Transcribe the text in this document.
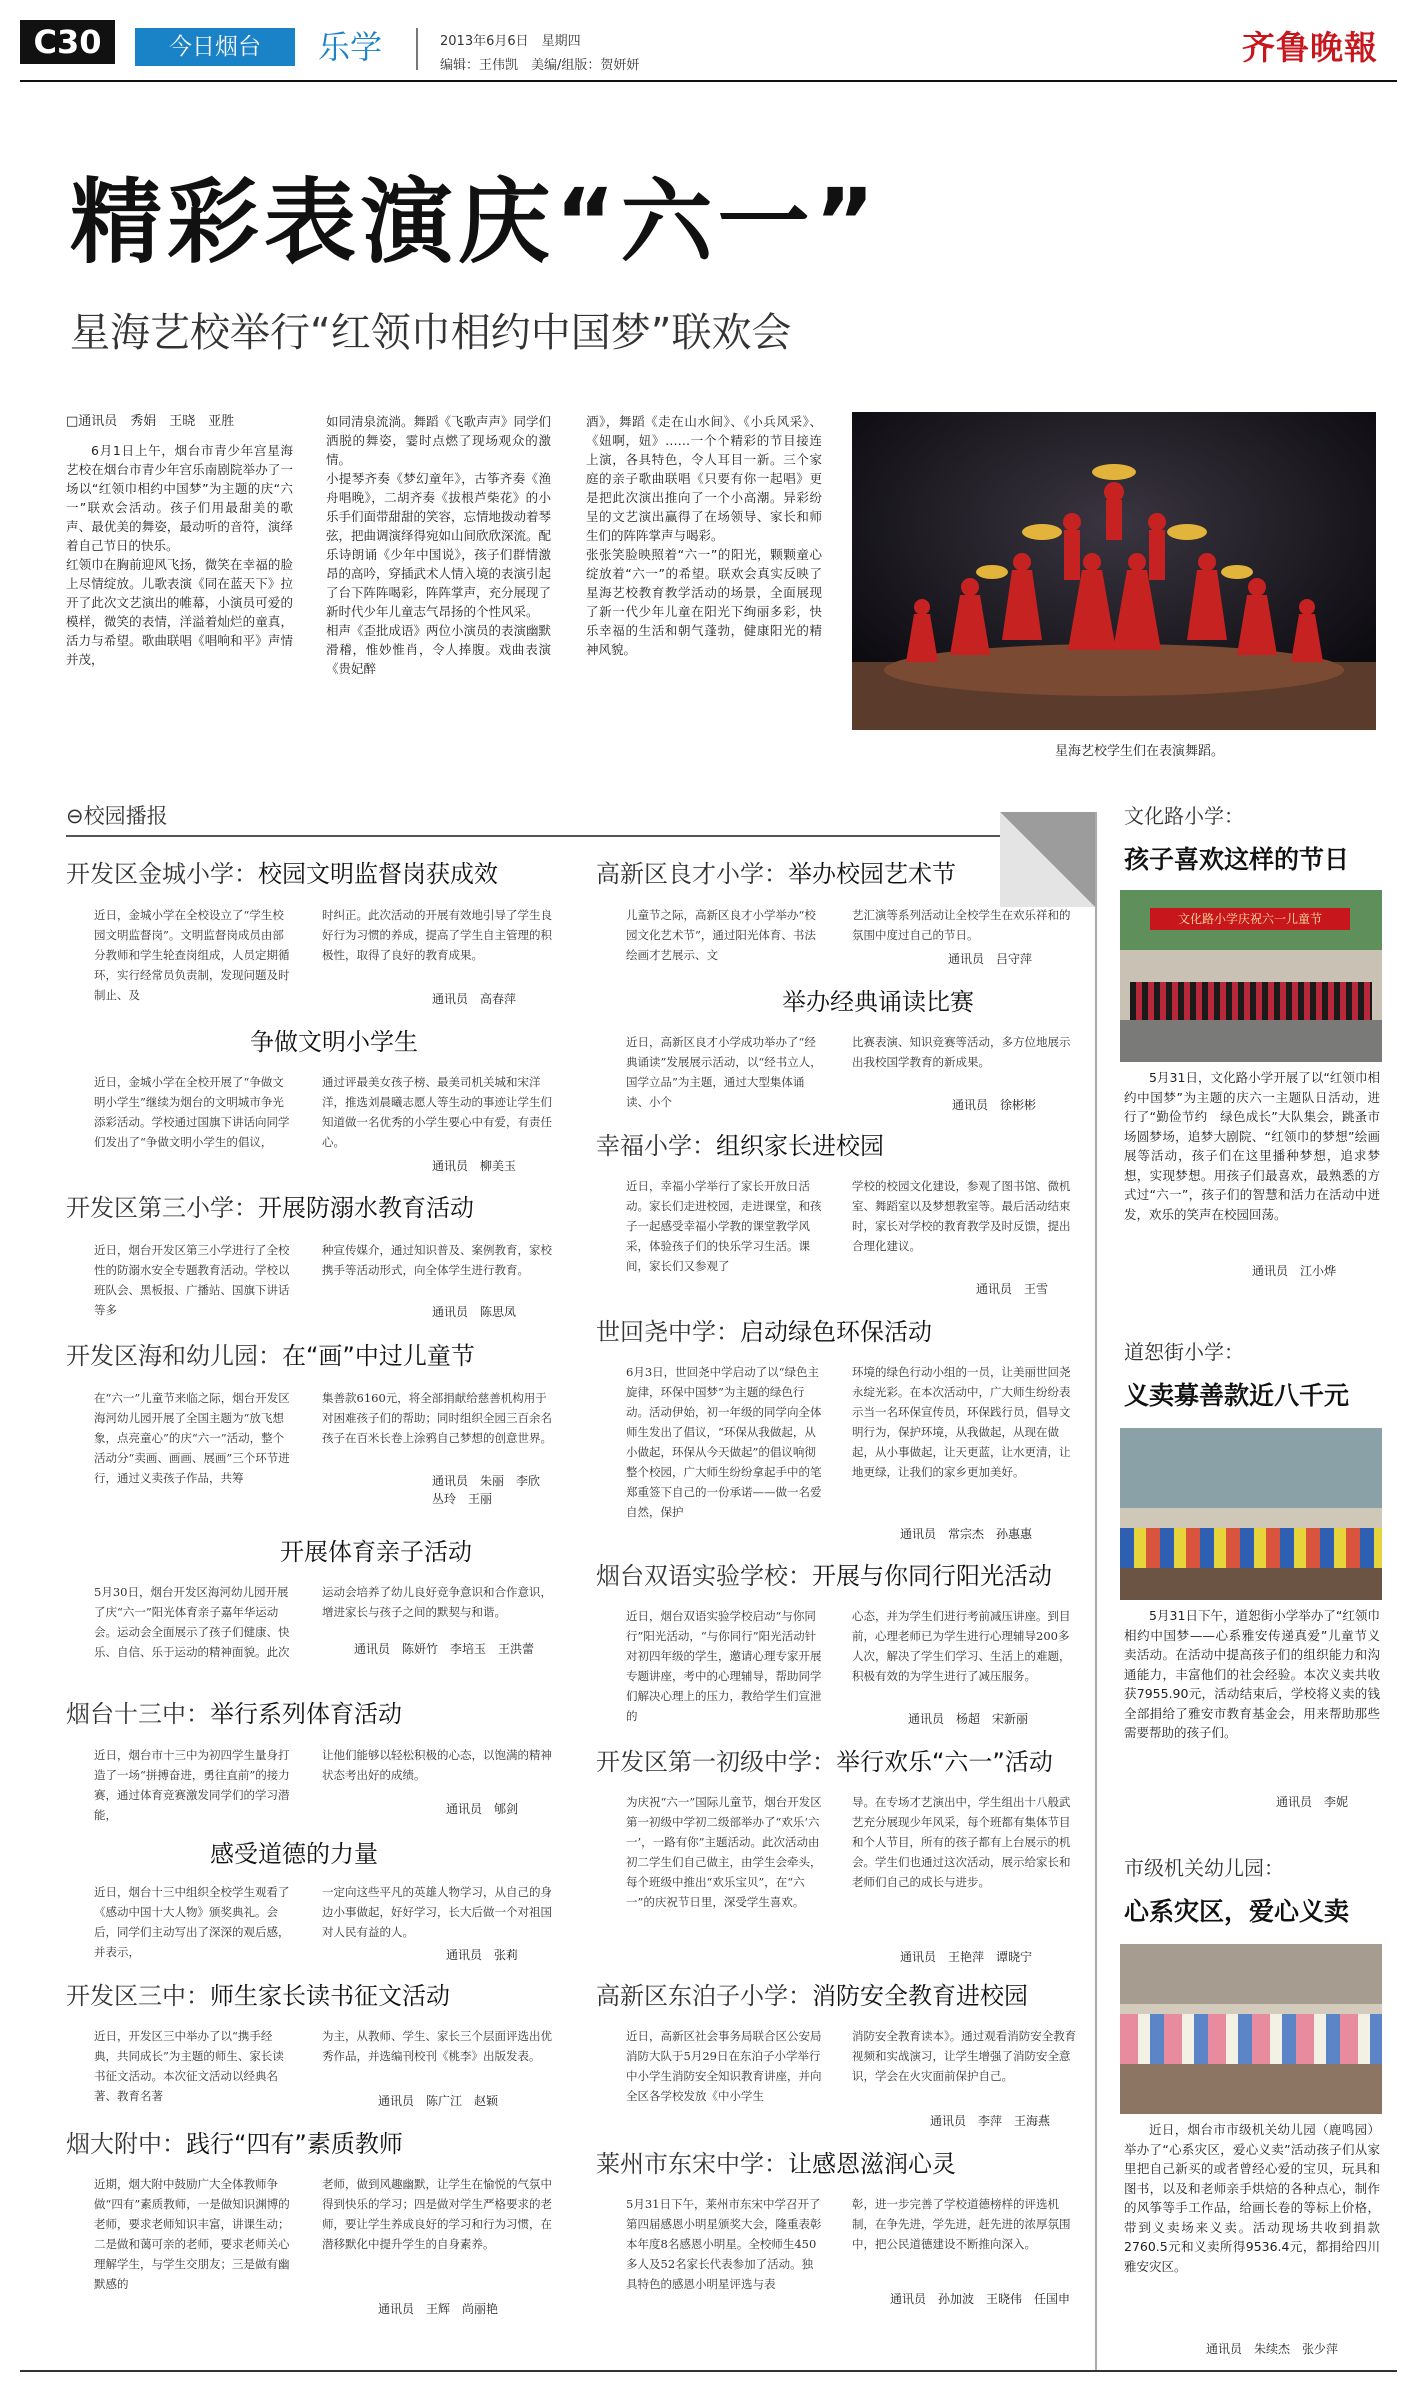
C30	今日烟台	乐学	2013年6月6日　星期四
编辑：王伟凯　美编/组版：贺妍妍	齐鲁晚報
精彩表演庆“六一”
星海艺校举行“红领巾相约中国梦”联欢会
□通讯员　秀娟　王晓　亚胜
6月1日上午，烟台市青少年宫星海艺校在烟台市青少年宫乐南剧院举办了一场以“红领巾相约中国梦”为主题的庆“六一”联欢会活动。孩子们用最甜美的歌声、最优美的舞姿，最动听的音符，演绎着自己节日的快乐。
红领巾在胸前迎风飞扬，微笑在幸福的脸上尽情绽放。儿歌表演《同在蓝天下》拉开了此次文艺演出的帷幕，小演员可爱的模样，微笑的表情，洋溢着灿烂的童真，活力与希望。歌曲联唱《唱响和平》声情并茂，
如同清泉流淌。舞蹈《飞歌声声》同学们洒脱的舞姿，霎时点燃了现场观众的激情。
小提琴齐奏《梦幻童年》，古筝齐奏《渔舟唱晚》，二胡齐奏《拔根芦柴花》的小乐手们面带甜甜的笑容，忘情地拨动着琴弦，把曲调演绎得宛如山间欣欣深流。配乐诗朗诵《少年中国说》，孩子们群情激昂的高吟，穿插武术人情入境的表演引起了台下阵阵喝彩，阵阵掌声，充分展现了新时代少年儿童志气昂扬的个性风采。
相声《歪批成语》两位小演员的表演幽默滑稽，惟妙惟肖，令人捧腹。戏曲表演《贵妃醉
酒》，舞蹈《走在山水间》、《小兵风采》、《妞啊，妞》……一个个精彩的节目接连上演，各具特色，令人耳目一新。三个家庭的亲子歌曲联唱《只要有你一起唱》更是把此次演出推向了一个小高潮。异彩纷呈的文艺演出赢得了在场领导、家长和师生们的阵阵掌声与喝彩。
张张笑脸映照着“六一”的阳光，颗颗童心绽放着“六一”的希望。联欢会真实反映了星海艺校教育教学活动的场景，全面展现了新一代少年儿童在阳光下绚丽多彩，快乐幸福的生活和朝气蓬勃，健康阳光的精神风貌。
星海艺校学生们在表演舞蹈。
⊖校园播报
开发区金城小学：校园文明监督岗获成效
近日，金城小学在全校设立了“学生校园文明监督岗”。文明监督岗成员由部分教师和学生轮查岗组成，人员定期循环，实行经常员负责制，发现问题及时制止、及
时纠正。此次活动的开展有效地引导了学生良好行为习惯的养成，提高了学生自主管理的积极性，取得了良好的教育成果。
通讯员　高春萍
争做文明小学生
近日，金城小学在全校开展了“争做文明小学生”继续为烟台的文明城市争光添彩活动。学校通过国旗下讲话向同学们发出了“争做文明小学生的倡议，
通过评最美女孩子榜、最美司机关城和宋洋洋，推选刘晨曦志愿人等生动的事迹让学生们知道做一名优秀的小学生要心中有爱，有责任心。
通讯员　柳美玉
开发区第三小学：开展防溺水教育活动
近日，烟台开发区第三小学进行了全校性的防溺水安全专题教育活动。学校以班队会、黑板报、广播站、国旗下讲话等多
种宣传媒介，通过知识普及、案例教育，家校携手等活动形式，向全体学生进行教育。
通讯员　陈思凤
开发区海和幼儿园：在“画”中过儿童节
在“六一”儿童节来临之际，烟台开发区海河幼儿园开展了全国主题为“放飞想象，点亮童心”的庆“六一”活动，整个活动分“卖画、画画、展画”三个环节进行，通过义卖孩子作品，共筹
集善款6160元，将全部捐献给慈善机构用于对困难孩子们的帮助；同时组织全园三百余名孩子在百米长卷上涂鸦自己梦想的创意世界。
通讯员　朱丽　李欣　丛玲　王丽
开展体育亲子活动
5月30日，烟台开发区海河幼儿园开展了庆“六一”阳光体育亲子嘉年华运动会。运动会全面展示了孩子们健康、快乐、自信、乐于运动的精神面貌。此次
运动会培养了幼儿良好竞争意识和合作意识，增进家长与孩子之间的默契与和谐。
通讯员　陈妍竹　李培玉　王洪蕾
烟台十三中：举行系列体育活动
近日，烟台市十三中为初四学生量身打造了一场“拼搏奋进，勇往直前”的接力赛，通过体育竞赛激发同学们的学习潜能，
让他们能够以轻松积极的心态，以饱满的精神状态考出好的成绩。
通讯员　郇剑
感受道德的力量
近日，烟台十三中组织全校学生观看了《感动中国十大人物》颁奖典礼。会后，同学们主动写出了深深的观后感，并表示，
一定向这些平凡的英雄人物学习，从自己的身边小事做起，好好学习，长大后做一个对祖国对人民有益的人。
通讯员　张莉
开发区三中：师生家长读书征文活动
近日，开发区三中举办了以“携手经典，共同成长”为主题的师生、家长读书征文活动。本次征文活动以经典名著、教育名著
为主，从教师、学生、家长三个层面评选出优秀作品，并选编刊校刊《桃李》出版发表。
通讯员　陈广江　赵颖
烟大附中：践行“四有”素质教师
近期，烟大附中鼓励广大全体教师争做“四有”素质教师，一是做知识渊博的老师，要求老师知识丰富，讲课生动；二是做和蔼可亲的老师，要求老师关心理解学生，与学生交朋友；三是做有幽默感的
老师，做到风趣幽默，让学生在愉悦的气氛中得到快乐的学习；四是做对学生严格要求的老师，要让学生养成良好的学习和行为习惯，在潜移默化中提升学生的自身素养。
通讯员　王辉　尚丽艳
高新区良才小学：举办校园艺术节
儿童节之际，高新区良才小学举办“校园文化艺术节”，通过阳光体育、书法绘画才艺展示、文
艺汇演等系列活动让全校学生在欢乐祥和的氛围中度过自己的节日。
通讯员　吕守萍
举办经典诵读比赛
近日，高新区良才小学成功举办了“经典诵读”发展展示活动，以“经书立人，国学立品”为主题，通过大型集体诵读、小个
比赛表演、知识竞赛等活动，多方位地展示出我校国学教育的新成果。
通讯员　徐彬彬
幸福小学：组织家长进校园
近日，幸福小学举行了家长开放日活动。家长们走进校园，走进课堂，和孩子一起感受幸福小学教的课堂教学风采，体验孩子们的快乐学习生活。课间，家长们又参观了
学校的校园文化建设，参观了图书馆、微机室、舞蹈室以及梦想教室等。最后活动结束时，家长对学校的教育教学及时反馈，提出合理化建议。
通讯员　王雪
世回尧中学：启动绿色环保活动
6月3日，世回尧中学启动了以“绿色主旋律，环保中国梦”为主题的绿色行动。活动伊始，初一年级的同学向全体师生发出了倡议，“环保从我做起，从小做起，环保从今天做起”的倡议响彻整个校园，广大师生纷纷拿起手中的笔郑重签下自己的一份承诺——做一名爱自然，保护
环境的绿色行动小组的一员，让美丽世回尧永绽光彩。在本次活动中，广大师生纷纷表示当一名环保宣传员，环保践行员，倡导文明行为，保护环境，从我做起，从现在做起，从小事做起，让天更蓝，让水更清，让地更绿，让我们的家乡更加美好。
通讯员　常宗杰　孙惠惠
烟台双语实验学校：开展与你同行阳光活动
近日，烟台双语实验学校启动“与你同行”阳光活动，“与你同行”阳光活动针对初四年级的学生，邀请心理专家开展专题讲座，考中的心理辅导，帮助同学们解决心理上的压力，教给学生们宣泄的
心态，并为学生们进行考前减压讲座。到目前，心理老师已为学生进行心理辅导200多人次，解决了学生们学习、生活上的难题，积极有效的为学生进行了减压服务。
通讯员　杨超　宋新丽
开发区第一初级中学：举行欢乐“六一”活动
为庆祝“六一”国际儿童节，烟台开发区第一初级中学初二级部举办了“欢乐‘六一’，一路有你”主题活动。此次活动由初二学生们自己做主，由学生会牵头，每个班级中推出“欢乐宝贝”，在“六一”的庆祝节日里，深受学生喜欢。
导。在专场才艺演出中，学生组出十八般武艺充分展现少年风采，每个班都有集体节目和个人节目，所有的孩子都有上台展示的机会。学生们也通过这次活动，展示给家长和老师们自己的成长与进步。
通讯员　王艳萍　谭晓宁
高新区东泊子小学：消防安全教育进校园
近日，高新区社会事务局联合区公安局消防大队于5月29日在东泊子小学举行中小学生消防安全知识教育讲座，并向全区各学校发放《中小学生
消防安全教育读本》。通过观看消防安全教育视频和实战演习，让学生增强了消防安全意识，学会在火灾面前保护自己。
通讯员　李萍　王海燕
莱州市东宋中学：让感恩滋润心灵
5月31日下午，莱州市东宋中学召开了第四届感恩小明星颁奖大会，隆重表彰本年度8名感恩小明星。全校师生450多人及52名家长代表参加了活动。独具特色的感恩小明星评选与表
彰，进一步完善了学校道德榜样的评选机制，在争先进，学先进，赶先进的浓厚氛围中，把公民道德建设不断推向深入。
通讯员　孙加波　王晓伟　任国申
文化路小学：
孩子喜欢这样的节日
文化路小学庆祝六一儿童节
5月31日，文化路小学开展了以“红领巾相约中国梦”为主题的庆六一主题队日活动，进行了“勤俭节约　绿色成长”大队集会，跳蚤市场圆梦场，追梦大剧院、“红领巾的梦想”绘画展等活动，孩子们在这里播种梦想，追求梦想，实现梦想。用孩子们最喜欢，最熟悉的方式过“六一”，孩子们的智慧和活力在活动中迸发，欢乐的笑声在校园回荡。
通讯员　江小烨
道恕街小学：
义卖募善款近八千元
5月31日下午，道恕街小学举办了“红领巾相约中国梦——心系雅安传递真爱”儿童节义卖活动。在活动中提高孩子们的组织能力和沟通能力，丰富他们的社会经验。本次义卖共收获7955.90元，活动结束后，学校将义卖的钱全部捐给了雅安市教育基金会，用来帮助那些需要帮助的孩子们。
通讯员　李妮
市级机关幼儿园：
心系灾区，爱心义卖
近日，烟台市市级机关幼儿园（鹿鸣园）举办了“心系灾区，爱心义卖”活动孩子们从家里把自己新买的或者曾经心爱的宝贝，玩具和图书，以及和老师亲手烘焙的各种点心，制作的风筝等手工作品，给画长卷的等标上价格，带到义卖场来义卖。活动现场共收到捐款2760.5元和义卖所得9536.4元，都捐给四川雅安灾区。
通讯员　朱续杰　张少萍
